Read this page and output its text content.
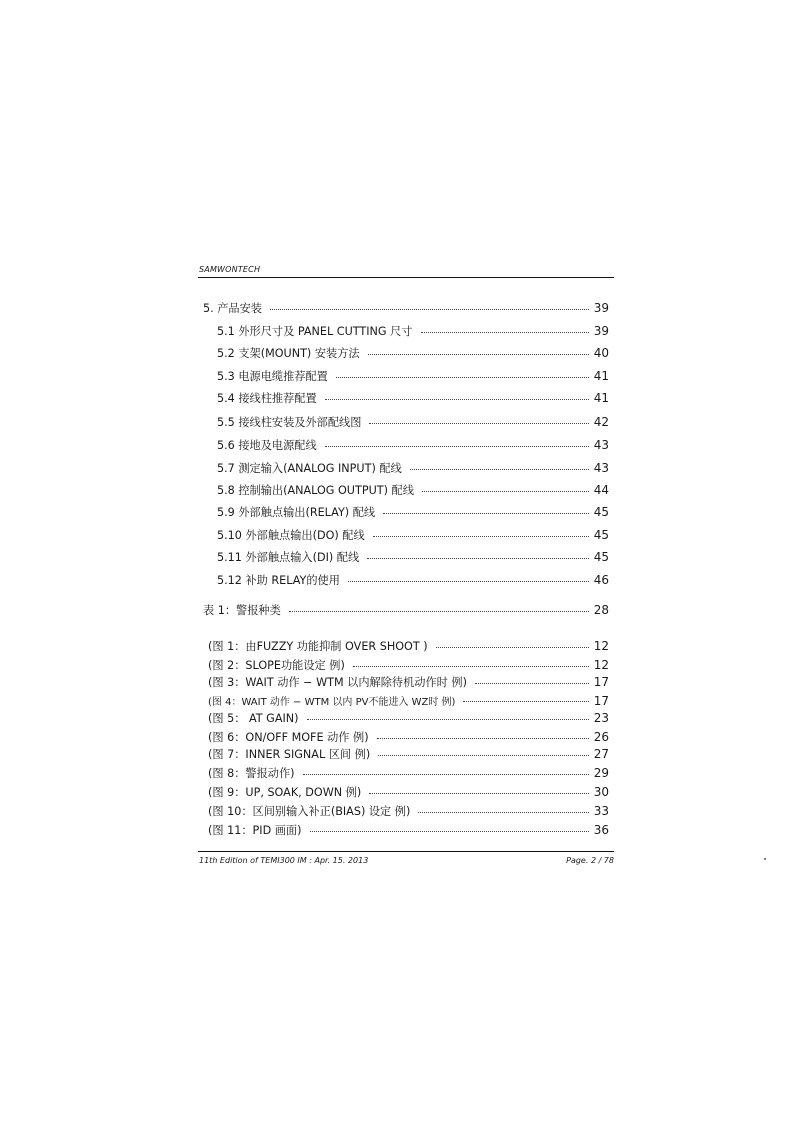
SAMWONTECH
5. 产品安装	39
5.1 外形尺寸及 PANEL CUTTING 尺寸	39
5.2 支架(MOUNT) 安装方法	40
5.3 电源电缆推荐配置	41
5.4 接线柱推荐配置	41
5.5 接线柱安装及外部配线图	42
5.6 接地及电源配线	43
5.7 测定输入(ANALOG INPUT) 配线	43
5.8 控制输出(ANALOG OUTPUT) 配线	44
5.9 外部触点输出(RELAY) 配线	45
5.10 外部触点输出(DO) 配线	45
5.11 外部触点输入(DI) 配线	45
5.12 补助 RELAY的使用	46
表 1：警报种类	28
(图 1：由FUZZY 功能抑制 OVER SHOOT )	12
(图 2：SLOPE功能设定 例)	12
(图 3：WAIT 动作 − WTM 以内解除待机动作时 例)	17
(图 4：WAIT 动作 − WTM 以内 PV不能进入 WZ时 例)	17
(图 5： AT GAIN)	23
(图 6：ON/OFF MOFE 动作 例)	26
(图 7：INNER SIGNAL 区间 例)	27
(图 8：警报动作)	29
(图 9：UP, SOAK, DOWN 例)	30
(图 10：区间别输入补正(BIAS) 设定 例)	33
(图 11：PID 画面)	36
11th Edition of TEMI300 IM : Apr. 15. 2013	Page. 2 / 78
